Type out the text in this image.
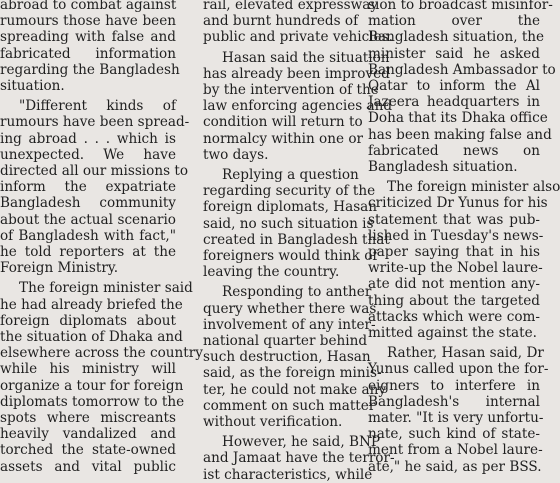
abroad to combat against

rumours those have been

spreading with false and

fabricated information

regarding the Bangladesh

situation.

"Different kinds of

rumours have been spread-

ing abroad . . . which is

unexpected. We have

directed all our missions to

inform the expatriate

Bangladesh community

about the actual scenario

of Bangladesh with fact,"

he told reporters at the

Foreign Ministry.

The foreign minister said

he had already briefed the

foreign diplomats about

the situation of Dhaka and

elsewhere across the country

while his ministry will

organize a tour for foreign

diplomats tomorrow to the

spots where miscreants

heavily vandalized and

torched the state-owned

assets and vital public

rail, elevated expressway

and burnt hundreds of

public and private vehicles.

Hasan said the situation

has already been improved

by the intervention of the

law enforcing agencies and

condition will return to

normalcy within one or

two days.

Replying a question

regarding security of the

foreign diplomats, Hasan

said, no such situation is

created in Bangladesh that

foreigners would think of

leaving the country.

Responding to anther

query whether there was

involvement of any inter-

national quarter behind

such destruction, Hasan

said, as the foreign minis-

ter, he could not make any

comment on such matter

without verification.

However, he said, BNP

and Jamaat have the terror-

ist characteristics, while

sion to broadcast misinfor-

mation over the

Bangladesh situation, the

minister said he asked

Bangladesh Ambassador to

Qatar to inform the Al

Jazeera headquarters in

Doha that its Dhaka office

has been making false and

fabricated news on

Bangladesh situation.

The foreign minister also

criticized Dr Yunus for his

statement that was pub-

lished in Tuesday's news-

paper saying that in his

write-up the Nobel laure-

ate did not mention any-

thing about the targeted

attacks which were com-

mitted against the state.

Rather, Hasan said, Dr

Yunus called upon the for-

eigners to interfere in

Bangladesh's internal

mater. "It is very unfortu-

nate, such kind of state-

ment from a Nobel laure-

ate," he said, as per BSS.
